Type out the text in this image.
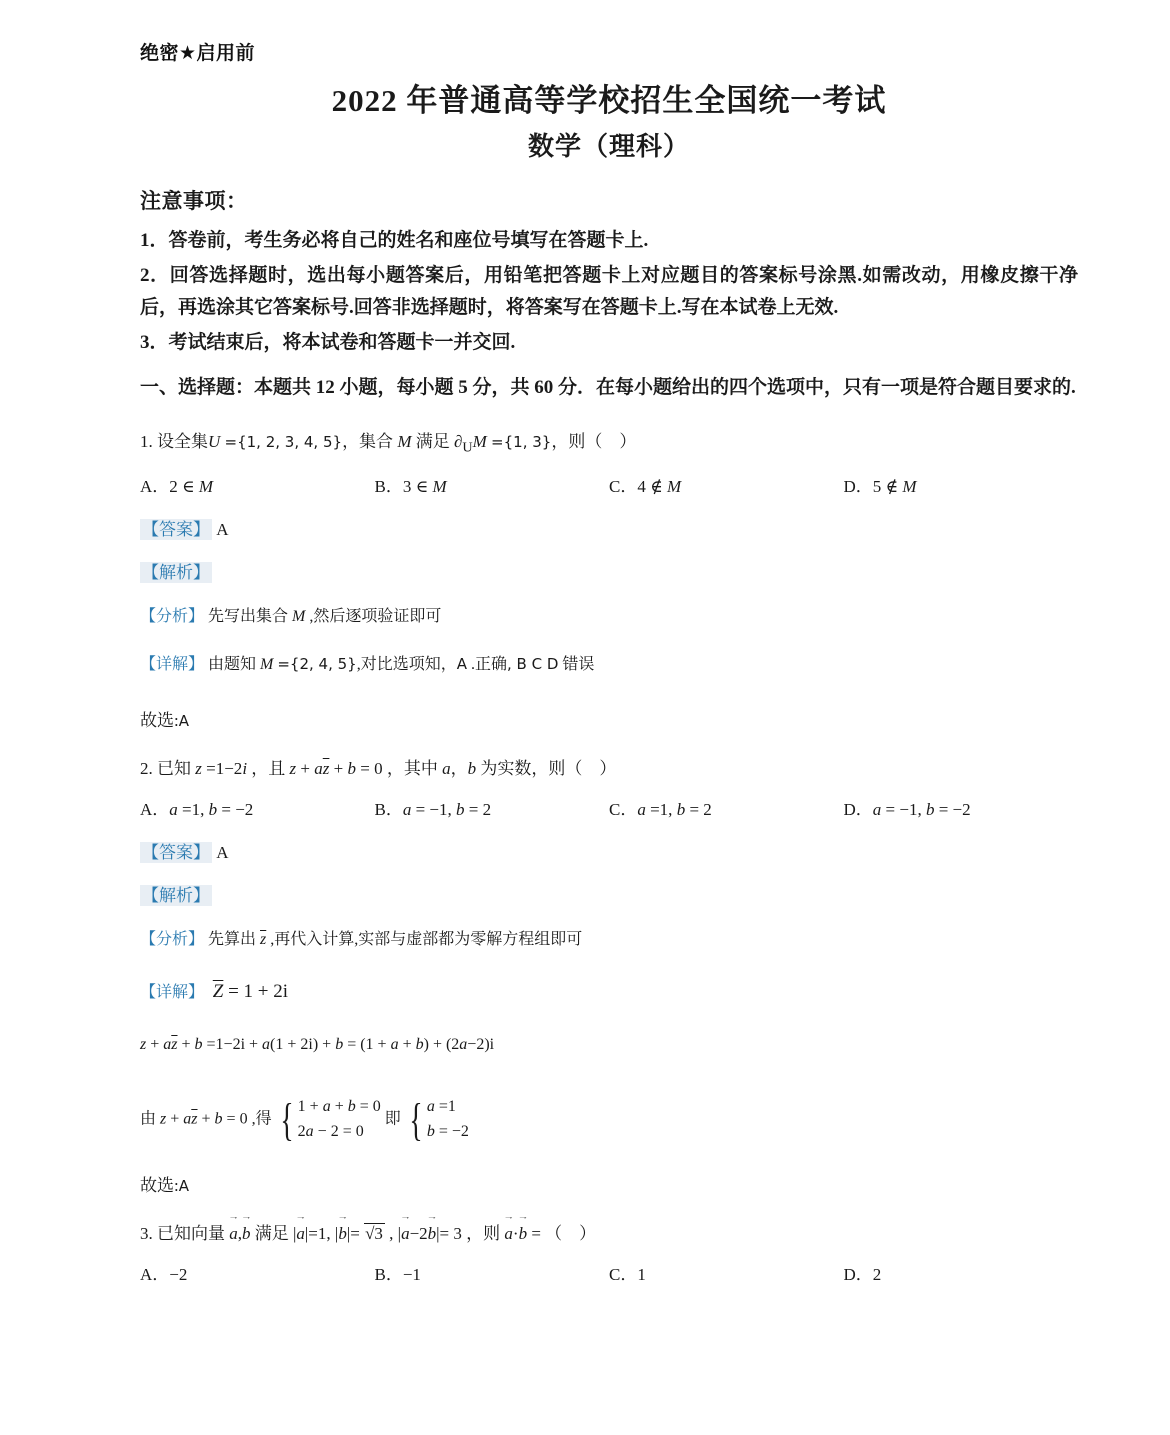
绝密★启用前
2022 年普通高等学校招生全国统一考试
数学（理科）
注意事项：
1．答卷前，考生务必将自己的姓名和座位号填写在答题卡上.
2．回答选择题时，选出每小题答案后，用铅笔把答题卡上对应题目的答案标号涂黑.如需改动，用橡皮擦干净后，再选涂其它答案标号.回答非选择题时，将答案写在答题卡上.写在本试卷上无效.
3．考试结束后，将本试卷和答题卡一并交回.
一、选择题：本题共 12 小题，每小题 5 分，共 60 分．在每小题给出的四个选项中，只有一项是符合题目要求的.
1. 设全集U ={1, 2, 3, 4, 5}，集合 M 满足 $\partial_UM =\{1$, 3}，则（    ）
A．2 ∈ M	B．3 ∈ M	C．4 ∉ M	D．5 ∉ M
【答案】 A
【解析】
【分析】 先写出集合 M ,然后逐项验证即可
【详解】 由题知 M ={2, 4, 5},对比选项知，A .正确, B C D 错误
故选:A
2. 已知 z =1−2i ，且 $z + a\overline{z} + b = 0$ ，其中 a，b 为实数，则（    ）
A．a =1, b = −2	B．a = −1, b = 2	C．a =1, b = 2	D．a = −1, b = −2
【答案】 A
【解析】
【分析】 先算出 $\overline{z}$ ,再代入计算,实部与虚部都为零解方程组即可
【详解】 $\overline{Z} = 1 + 2i$
$z + a\overline{z} + b =1-2i + a(1 + 2i) + b = (1 + a + b) + (2a-2)i$
由 $z + a\overline{z} + b = 0$ ,得 { 1 + a + b = 0
2a − 2 = 0
即 { a =1
b = −2
故选:A
3. 已知向量 a →,b → 满足 |a →|=1, |b →|= √3 , |a →−2b →|= 3 ，则 a →·b → = （    ）
A．−2	B．−1	C．1	D．2
